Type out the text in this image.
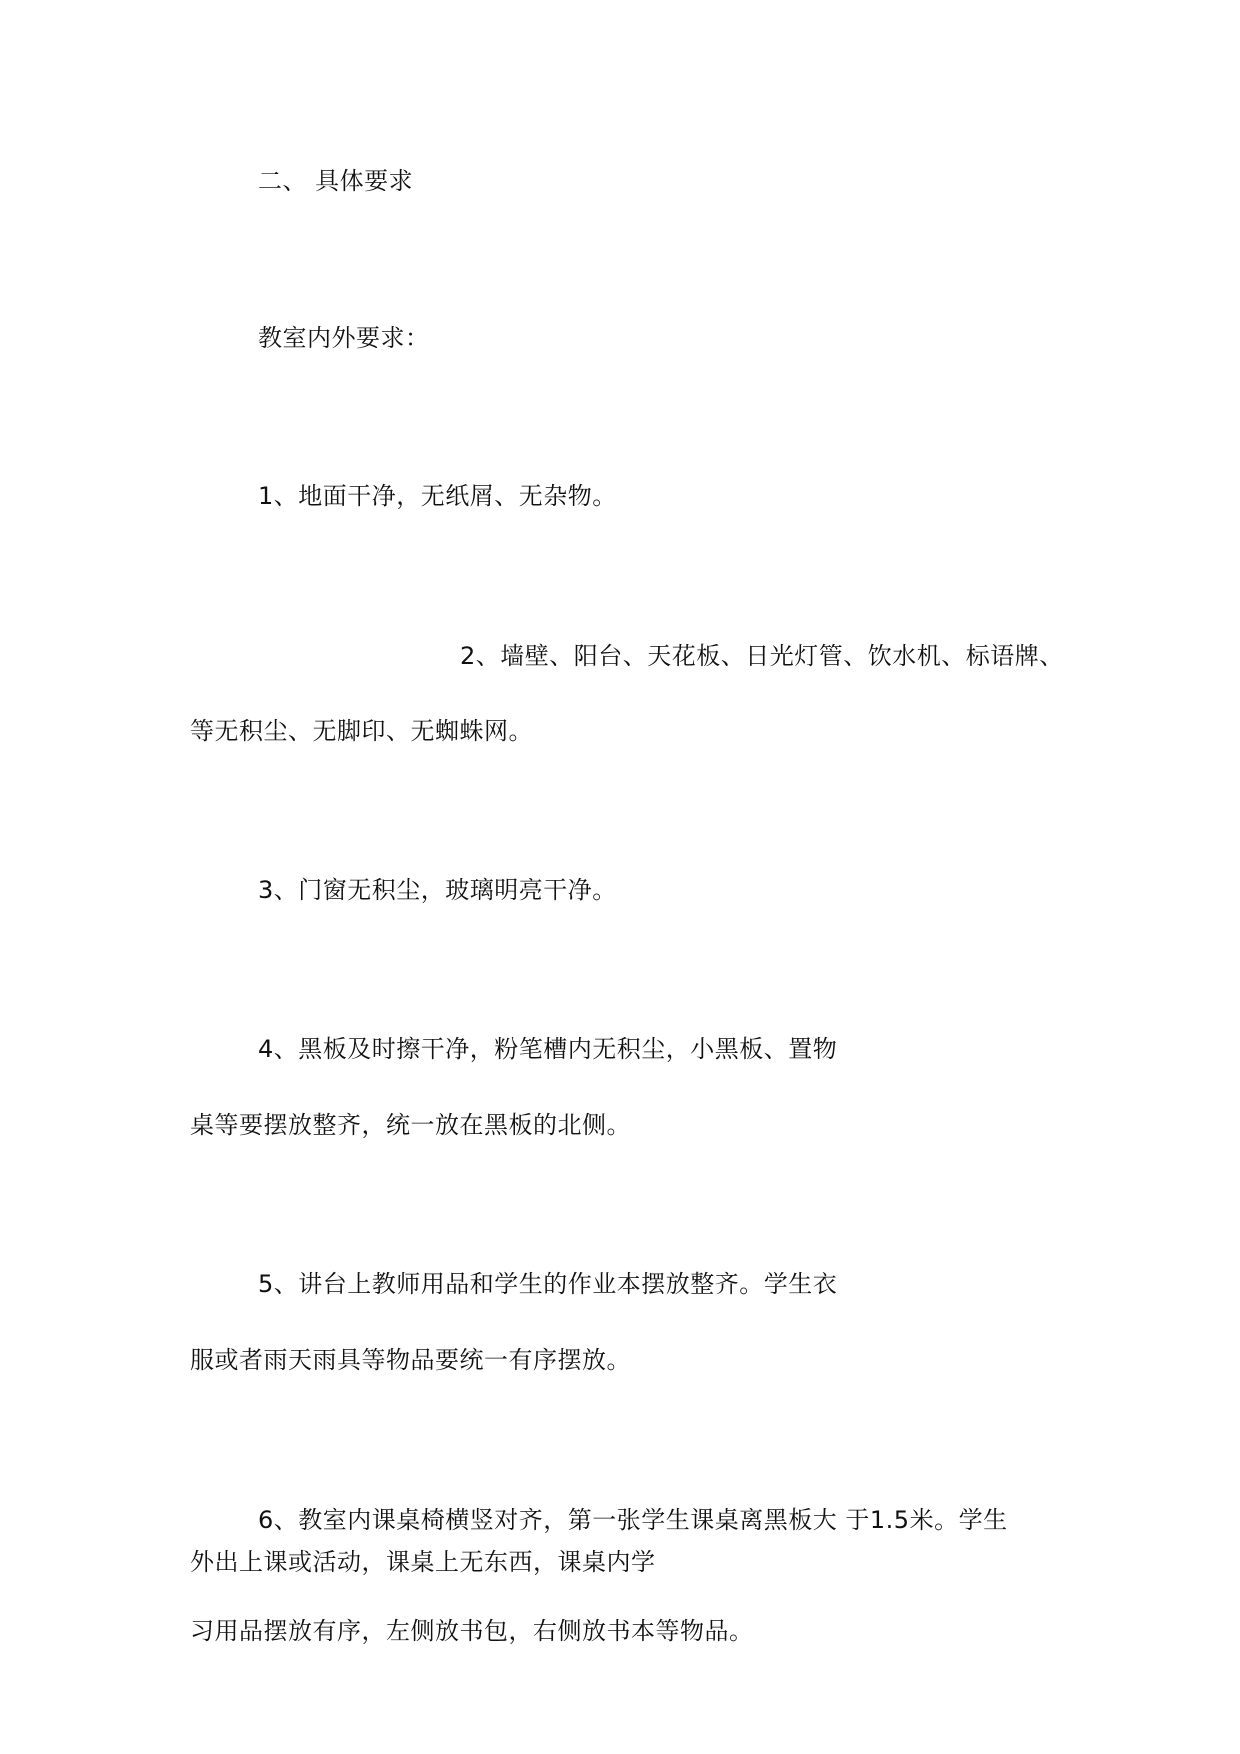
二、 具体要求
教室内外要求：
1、地面干净，无纸屑、无杂物。
2、墙壁、阳台、天花板、日光灯管、饮水机、标语牌、
等无积尘、无脚印、无蜘蛛网。
3、门窗无积尘，玻璃明亮干净。
4、黑板及时擦干净，粉笔槽内无积尘，小黑板、置物
桌等要摆放整齐，统一放在黑板的北侧。
5、讲台上教师用品和学生的作业本摆放整齐。学生衣
服或者雨天雨具等物品要统一有序摆放。
6、教室内课桌椅横竖对齐，第一张学生课桌离黑板大 于1.5米。学生
外出上课或活动，课桌上无东西，课桌内学
习用品摆放有序，左侧放书包，右侧放书本等物品。
